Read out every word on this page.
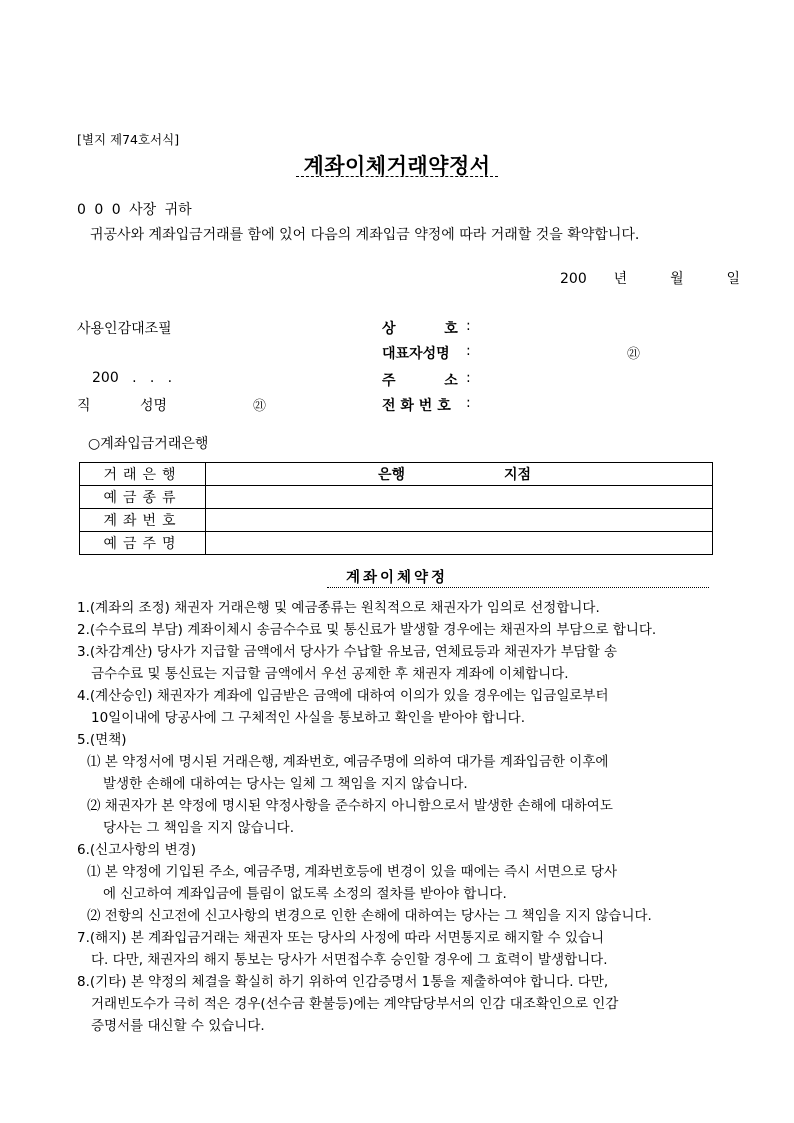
[별지 제74호서식]
계좌이체거래약정서
0 0 0 사장 귀하
귀공사와 계좌입금거래를 함에 있어 다음의 계좌입금 약정에 따라 거래할 것을 확약합니다.
200 년	월	일
사용인감대조필
200   .   .   .
직	성명	㉑
상          호 :
대표자성명 :	㉑
주          소 :
전 화 번 호 :
○계좌입금거래은행
거래은행	은행 지점

예금종류	
계좌번호	
예금주명	
계좌이체약정
1.(계좌의 조정) 채권자 거래은행 및 예금종류는 원칙적으로 채권자가 임의로 선정합니다.
2.(수수료의 부담) 계좌이체시 송금수수료 및 통신료가 발생할 경우에는 채권자의 부담으로 합니다.
3.(차감계산) 당사가 지급할 금액에서 당사가 수납할 유보금, 연체료등과 채권자가 부담할 송
금수수료 및 통신료는 지급할 금액에서 우선 공제한 후 채권자 계좌에 이체합니다.
4.(계산승인) 채권자가 계좌에 입금받은 금액에 대하여 이의가 있을 경우에는 입금일로부터
10일이내에 당공사에 그 구체적인 사실을 통보하고 확인을 받아야 합니다.
5.(면책)
⑴ 본 약정서에 명시된 거래은행, 계좌번호, 예금주명에 의하여 대가를 계좌입금한 이후에
발생한 손해에 대하여는 당사는 일체 그 책임을 지지 않습니다.
⑵ 채권자가 본 약정에 명시된 약정사항을 준수하지 아니함으로서 발생한 손해에 대하여도
당사는 그 책임을 지지 않습니다.
6.(신고사항의 변경)
⑴ 본 약정에 기입된 주소, 예금주명, 계좌번호등에 변경이 있을 때에는 즉시 서면으로 당사
에 신고하여 계좌입금에 틀림이 없도록 소정의 절차를 받아야 합니다.
⑵ 전항의 신고전에 신고사항의 변경으로 인한 손해에 대하여는 당사는 그 책임을 지지 않습니다.
7.(해지) 본 계좌입금거래는 채권자 또는 당사의 사정에 따라 서면통지로 해지할 수 있습니
다. 다만, 채권자의 해지 통보는 당사가 서면접수후 승인할 경우에 그 효력이 발생합니다.
8.(기타) 본 약정의 체결을 확실히 하기 위하여 인감증명서 1통을 제출하여야 합니다. 다만,
거래빈도수가 극히 적은 경우(선수금 환불등)에는 계약담당부서의 인감 대조확인으로 인감
증명서를 대신할 수 있습니다.
